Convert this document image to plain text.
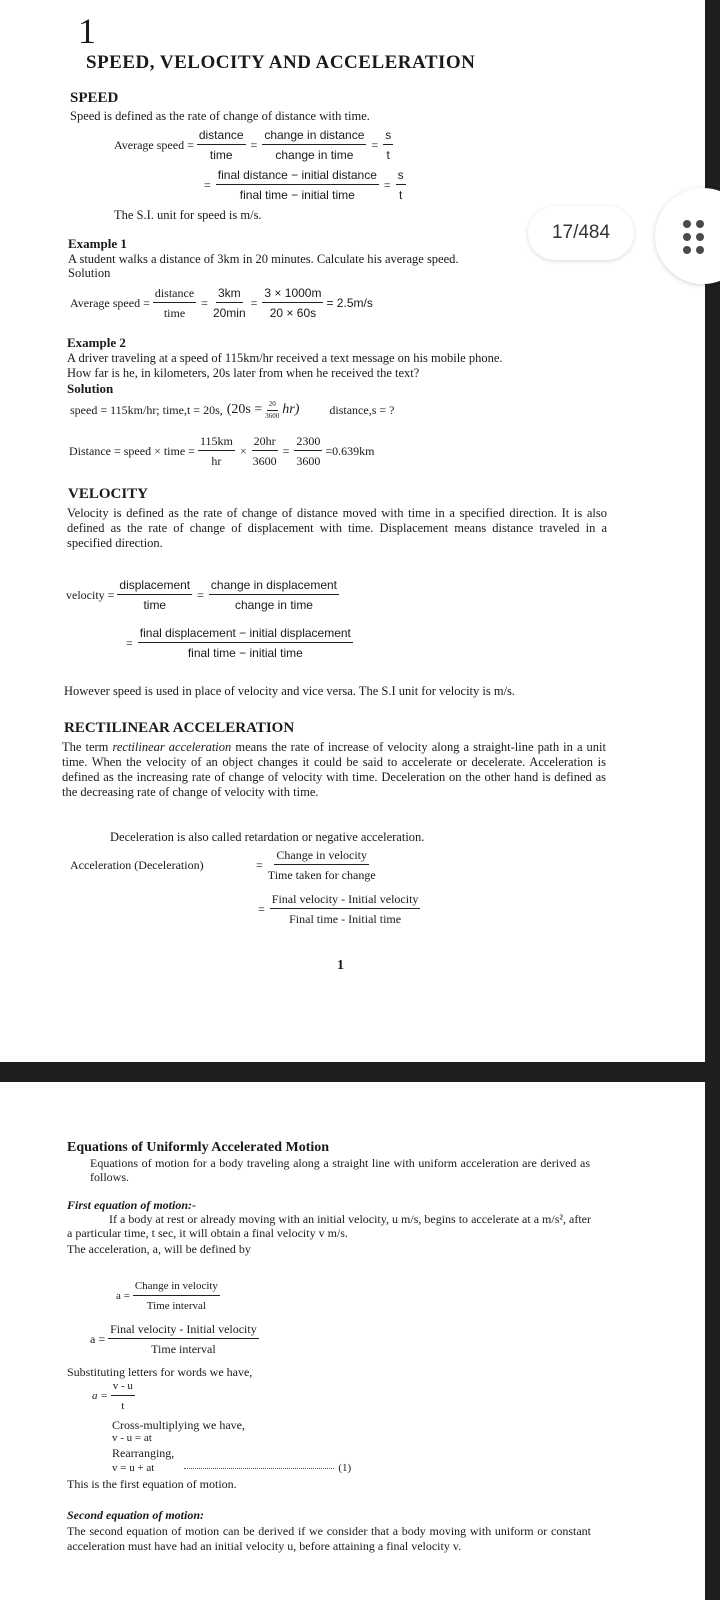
1
SPEED, VELOCITY AND ACCELERATION
SPEED
Speed is defined as the rate of change of distance with time.
Average speed = $\frac{\text{distance}}{\text{time}} = \frac{\text{change in distance}}{\text{change in time}} = \frac{s}{t}$
= $\frac{\text{final distance − initial distance}}{\text{final time − initial time}} = \frac{s}{t}$
The S.I. unit for speed is m/s.
Example 1
A student walks a distance of 3km in 20 minutes. Calculate his average speed.
Solution
Average speed = $\frac{\text{distance}}{\text{time}} = \frac{3km}{20\min} = \frac{3 \times 1000m}{20 \times 60s} = 2.5m/s$
Example 2
A driver traveling at a speed of 115km/hr received a text message on his mobile phone.
How far is he, in kilometers, 20s later from when he received the text?
Solution
speed = 115km/hr; time,t = 20s, $(20s = \frac{20}{3600} hr)$	distance,s = ?
Distance = speed × time = $\frac{115km}{hr} \times \frac{20hr}{3600} = \frac{2300}{3600} =0.639km$
VELOCITY
Velocity is defined as the rate of change of distance moved with time in a specified direction. It is also defined as the rate of change of displacement with time. Displacement means distance traveled in a specified direction.
velocity = $\frac{\text{displacement}}{\text{time}} = \frac{\text{change in displacement}}{\text{change in time}}$
= $\frac{\text{final displacement − initial displacement}}{\text{final time − initial time}}$
However speed is used in place of velocity and vice versa. The S.I unit for velocity is m/s.
RECTILINEAR ACCELERATION
The term rectilinear acceleration means the rate of increase of velocity along a straight-line path in a unit time. When the velocity of an object changes it could be said to accelerate or decelerate. Acceleration is defined as the increasing rate of change of velocity with time. Deceleration on the other hand is defined as the decreasing rate of change of velocity with time.
Deceleration is also called retardation or negative acceleration.
Acceleration (Deceleration)	= $\frac{\text{Change in velocity}}{\text{Time taken for change}}$
= $\frac{\text{Final velocity - Initial velocity}}{\text{Final time - Initial time}}$
1
Equations of Uniformly Accelerated Motion
Equations of motion for a body traveling along a straight line with uniform acceleration are derived as follows.
First equation of motion:-
If a body at rest or already moving with an initial velocity, u m/s, begins to accelerate at a m/s², after a particular time, t sec, it will obtain a final velocity v m/s.
The acceleration, a, will be defined by
$a = \frac{\text{Change in velocity}}{\text{Time interval}}$
$a = \frac{\text{Final velocity - Initial velocity}}{\text{Time interval}}$
Substituting letters for words we have,
$a = \frac{v - u}{t}$
Cross-multiplying we have,
v - u = at
Rearranging,
v = u + at	(1)
This is the first equation of motion.
Second equation of motion:
The second equation of motion can be derived if we consider that a body moving with uniform or constant acceleration must have had an initial velocity u, before attaining a final velocity v.
17/484
